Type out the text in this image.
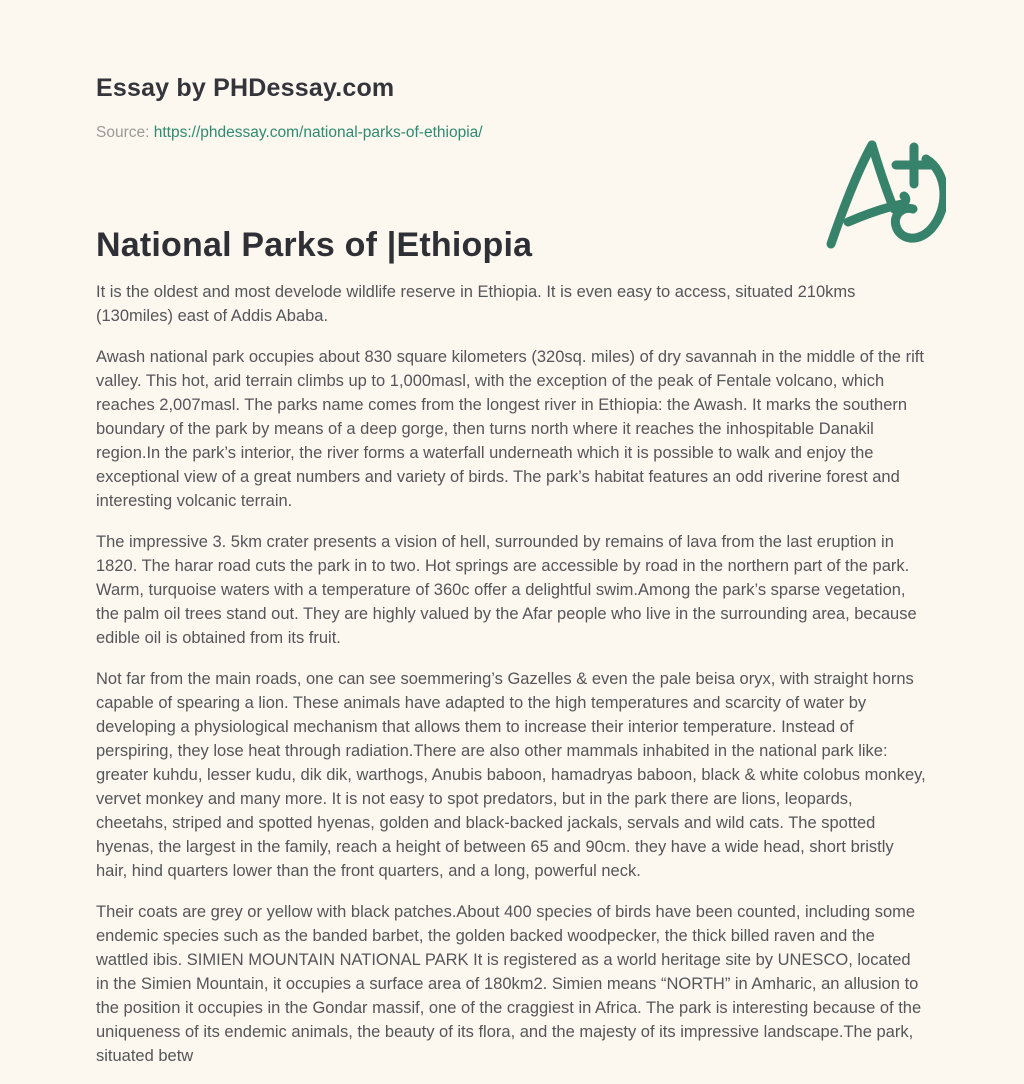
Essay by PHDessay.com
Source: https://phdessay.com/national-parks-of-ethiopia/
National Parks of |Ethiopia

It is the oldest and most develode wildlife reserve in Ethiopia. It is even easy to access, situated 210kms (130miles) east of Addis Ababa.

Awash national park occupies about 830 square kilometers (320sq. miles) of dry savannah in the middle of the rift valley. This hot, arid terrain climbs up to 1,000masl, with the exception of the peak of Fentale volcano, which reaches 2,007masl. The parks name comes from the longest river in Ethiopia: the Awash. It marks the southern boundary of the park by means of a deep gorge, then turns north where it reaches the inhospitable Danakil region.In the park’s interior, the river forms a waterfall underneath which it is possible to walk and enjoy the exceptional view of a great numbers and variety of birds. The park’s habitat features an odd riverine forest and interesting volcanic terrain.

The impressive 3. 5km crater presents a vision of hell, surrounded by remains of lava from the last eruption in 1820. The harar road cuts the park in to two. Hot springs are accessible by road in the northern part of the park. Warm, turquoise waters with a temperature of 360c offer a delightful swim.Among the park’s sparse vegetation, the palm oil trees stand out. They are highly valued by the Afar people who live in the surrounding area, because edible oil is obtained from its fruit.

Not far from the main roads, one can see soemmering’s Gazelles & even the pale beisa oryx, with straight horns capable of spearing a lion. These animals have adapted to the high temperatures and scarcity of water by developing a physiological mechanism that allows them to increase their interior temperature. Instead of perspiring, they lose heat through radiation.There are also other mammals inhabited in the national park like: greater kuhdu, lesser kudu, dik dik, warthogs, Anubis baboon, hamadryas baboon, black & white colobus monkey, vervet monkey and many more. It is not easy to spot predators, but in the park there are lions, leopards, cheetahs, striped and spotted hyenas, golden and black-backed jackals, servals and wild cats. The spotted hyenas, the largest in the family, reach a height of between 65 and 90cm. they have a wide head, short bristly hair, hind quarters lower than the front quarters, and a long, powerful neck.

Their coats are grey or yellow with black patches.About 400 species of birds have been counted, including some endemic species such as the banded barbet, the golden backed woodpecker, the thick billed raven and the wattled ibis. SIMIEN MOUNTAIN NATIONAL PARK It is registered as a world heritage site by UNESCO, located in the Simien Mountain, it occupies a surface area of 180km2. Simien means “NORTH” in Amharic, an allusion to the position it occupies in the Gondar massif, one of the craggiest in Africa. The park is interesting because of the uniqueness of its endemic animals, the beauty of its flora, and the majesty of its impressive landscape.The park, situated betw
